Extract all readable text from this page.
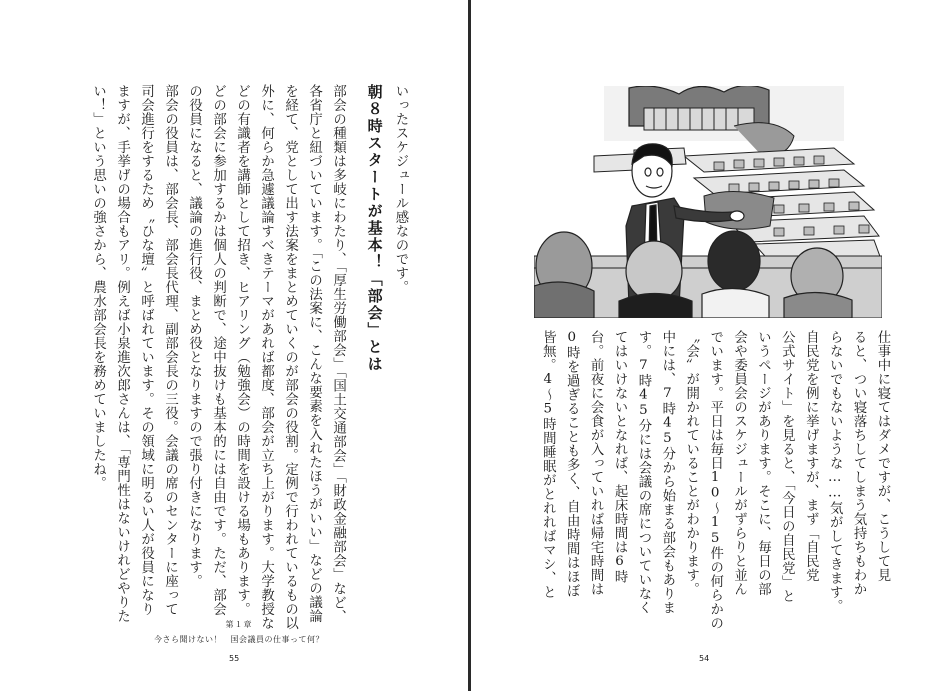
いったスケジュール感なのです。
朝８時スタートが基本！「部会」とは
部会の種類は多岐にわたり、「厚生労働部会」「国土交通部会」「財政金融部会」など、
各省庁と紐づいています。「この法案に、こんな要素を入れたほうがいい」などの議論
を経て、党として出す法案をまとめていくのが部会の役割。定例で行われているもの以
外に、何らか急遽議論すべきテーマがあれば都度、部会が立ち上がります。大学教授な
どの有識者を講師として招き、ヒアリング（勉強会）の時間を設ける場もあります。
どの部会に参加するかは個人の判断で、途中抜けも基本的には自由です。ただ、部会
の役員になると、議論の進行役、まとめ役となりますので張り付きになります。
部会の役員は、部会長、部会長代理、副部会長の三役。会議の席のセンターに座って
司会進行をするため〝ひな壇〟と呼ばれています。その領域に明るい人が役員になり
ますが、手挙げの場合もアリ。例えば小泉進次郎さんは、「専門性はないけれどやりた
い！」という思いの強さから、農水部会長を務めていましたね。
第１章
今さら聞けない！　国会議員の仕事って何？
55
仕事中に寝てはダメですが、こうして見
ると、つい寝落ちしてしまう気持ちもわか
らないでもないような……気がしてきます。
自民党を例に挙げますが、まず「自民党
公式サイト」を見ると、「今日の自民党」と
いうページがあります。そこに、毎日の部
会や委員会のスケジュールがずらりと並ん
でいます。平日は毎日10〜15件の何らかの
〝会〟が開かれていることがわかります。
中には、7時45分から始まる部会もありま
す。7時45分には会議の席についていなく
てはいけないとなれば、起床時間は6時
台。前夜に会食が入っていれば帰宅時間は
0時を過ぎることも多く、自由時間はほぼ
皆無。4〜5時間睡眠がとれればマシ、と
54
